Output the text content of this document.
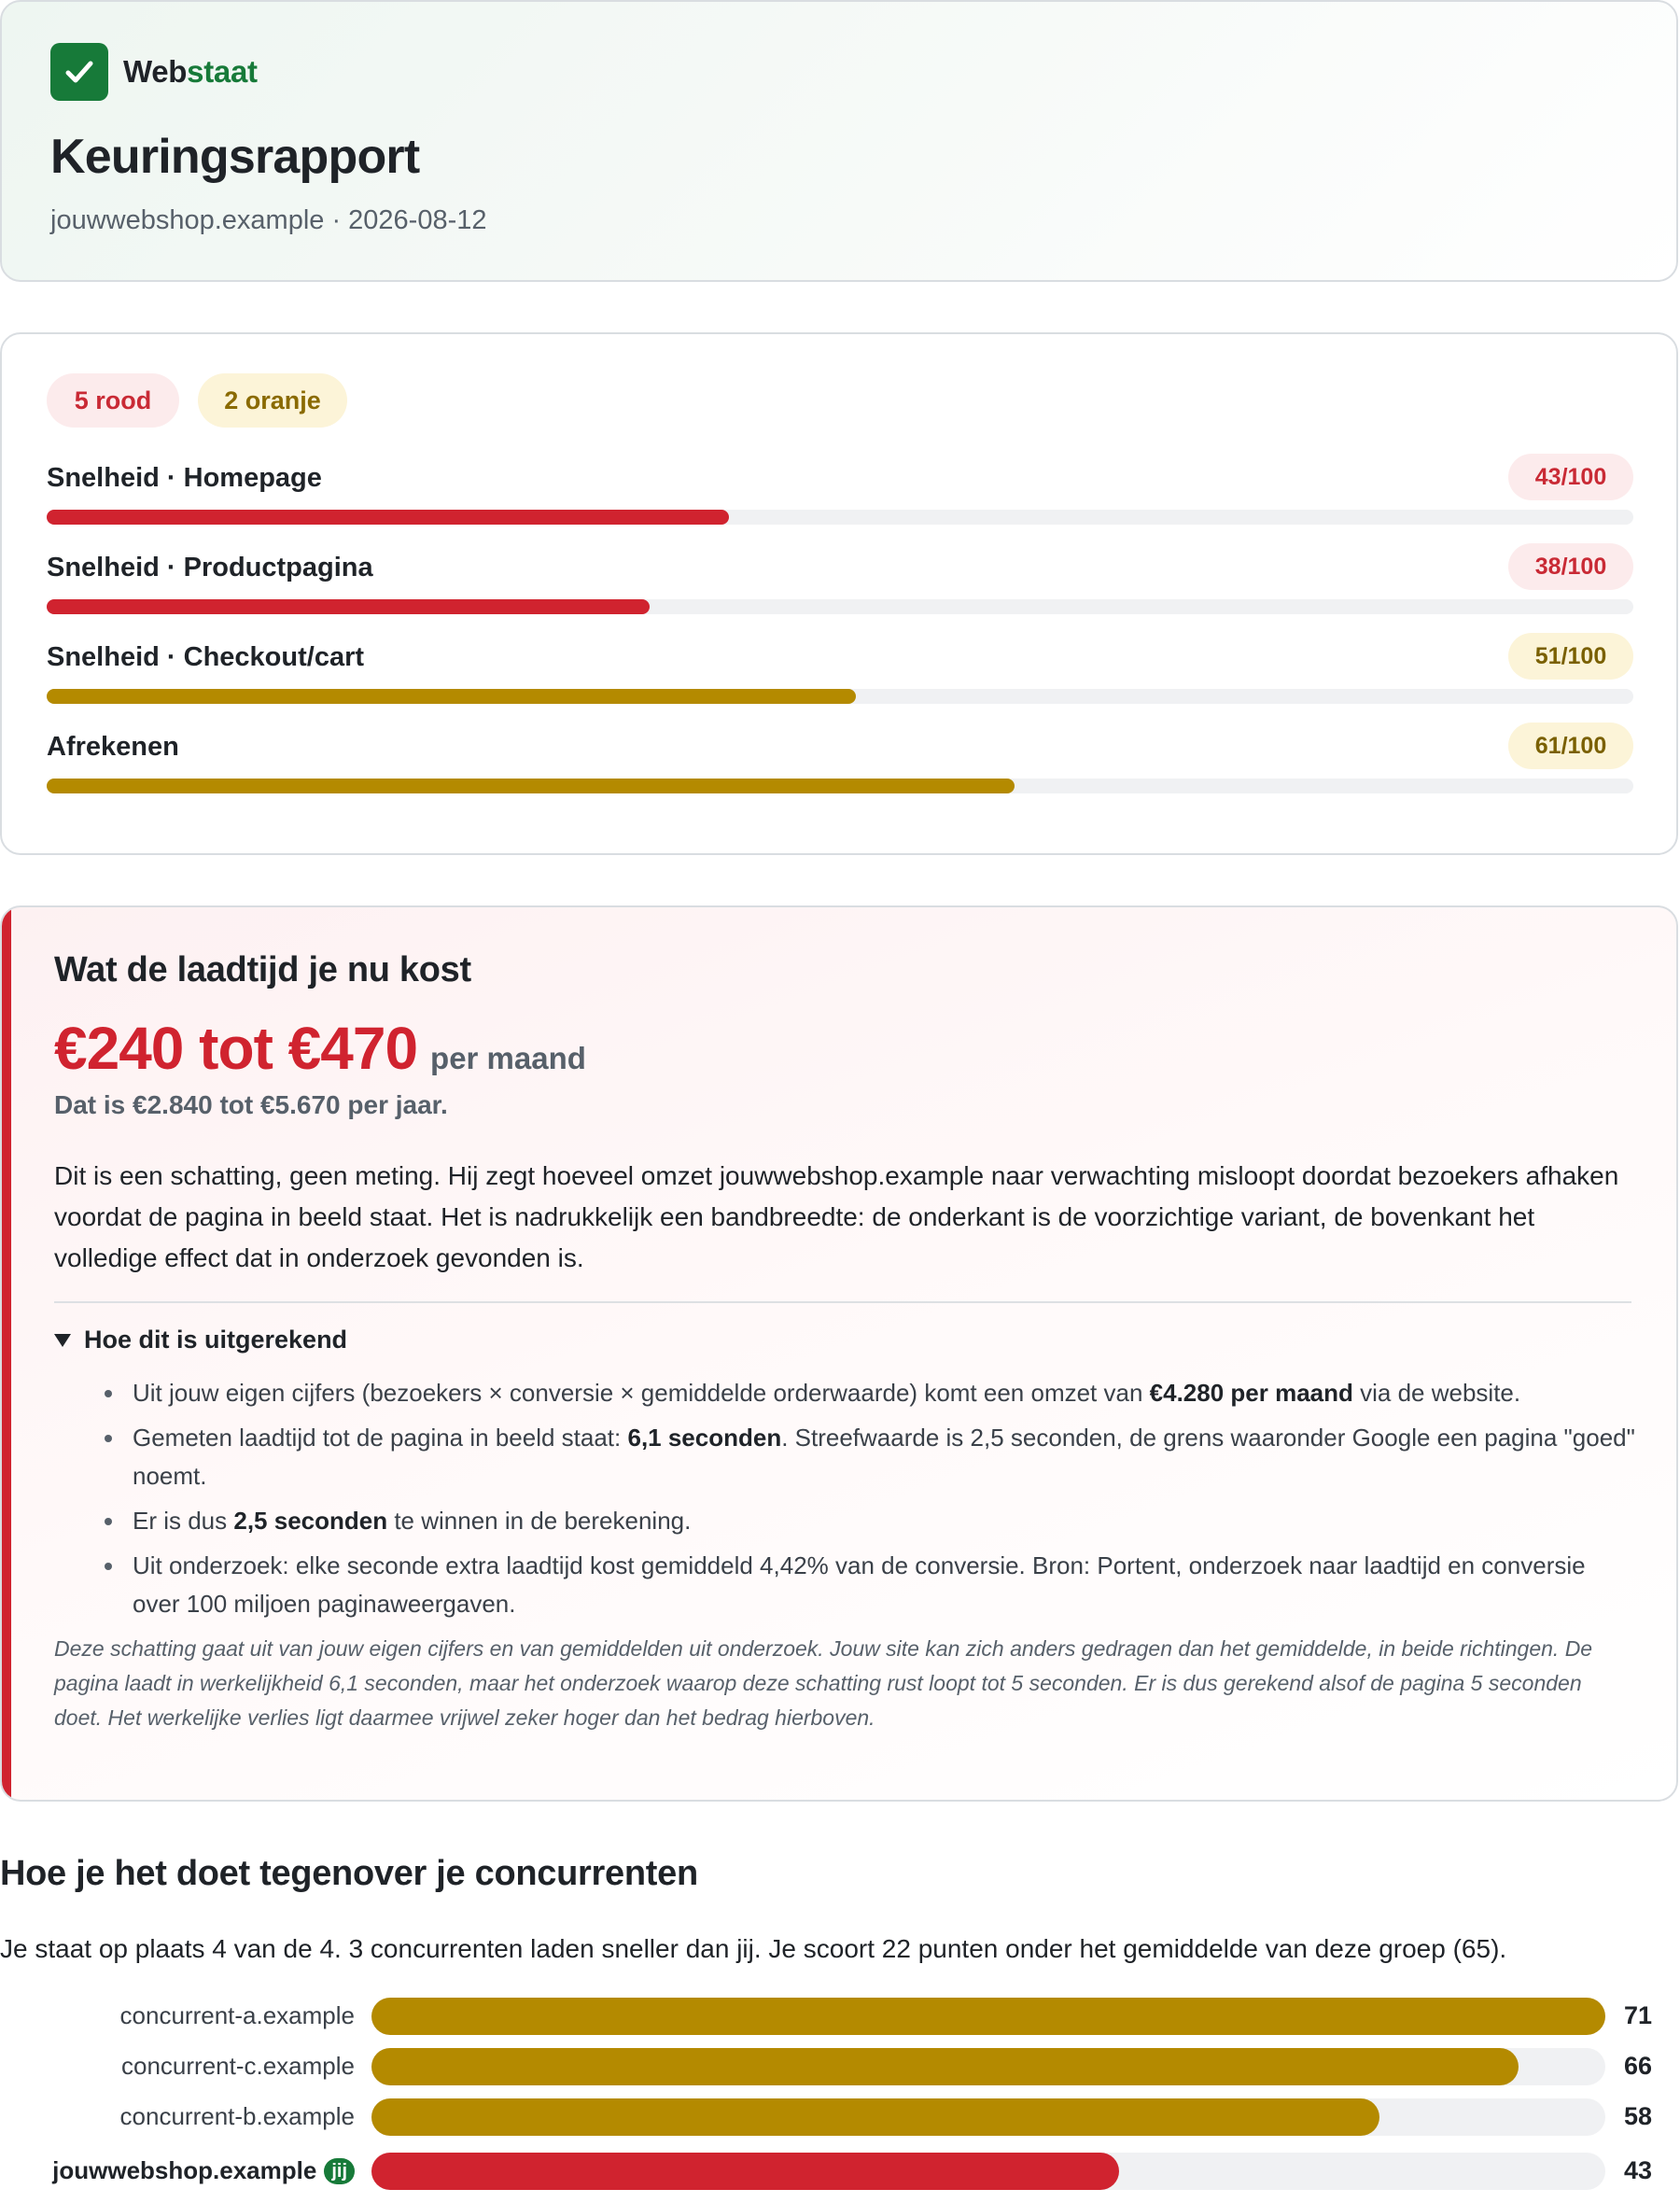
Webstaat
Keuringsrapport
jouwwebshop.example · 2026-08-12
5 rood	2 oranje
Snelheid · Homepage	43/100
Snelheid · Productpagina	38/100
Snelheid · Checkout/cart	51/100
Afrekenen	61/100
Wat de laadtijd je nu kost
€240 tot €470 per maand
Dat is €2.840 tot €5.670 per jaar.
Dit is een schatting, geen meting. Hij zegt hoeveel omzet jouwwebshop.example naar verwachting misloopt doordat bezoekers afhaken voordat de pagina in beeld staat. Het is nadrukkelijk een bandbreedte: de onderkant is de voorzichtige variant, de bovenkant het volledige effect dat in onderzoek gevonden is.
Hoe dit is uitgerekend
Uit jouw eigen cijfers (bezoekers × conversie × gemiddelde orderwaarde) komt een omzet van €4.280 per maand via de website.
Gemeten laadtijd tot de pagina in beeld staat: 6,1 seconden. Streefwaarde is 2,5 seconden, de grens waaronder Google een pagina "goed" noemt.
Er is dus 2,5 seconden te winnen in de berekening.
Uit onderzoek: elke seconde extra laadtijd kost gemiddeld 4,42% van de conversie. Bron: Portent, onderzoek naar laadtijd en conversie over 100 miljoen paginaweergaven.
Deze schatting gaat uit van jouw eigen cijfers en van gemiddelden uit onderzoek. Jouw site kan zich anders gedragen dan het gemiddelde, in beide richtingen. De pagina laadt in werkelijkheid 6,1 seconden, maar het onderzoek waarop deze schatting rust loopt tot 5 seconden. Er is dus gerekend alsof de pagina 5 seconden doet. Het werkelijke verlies ligt daarmee vrijwel zeker hoger dan het bedrag hierboven.
Hoe je het doet tegenover je concurrenten
Je staat op plaats 4 van de 4. 3 concurrenten laden sneller dan jij. Je scoort 22 punten onder het gemiddelde van deze groep (65).
concurrent-a.example	71
concurrent-c.example	66
concurrent-b.example	58
jouwwebshop.example jij	43
